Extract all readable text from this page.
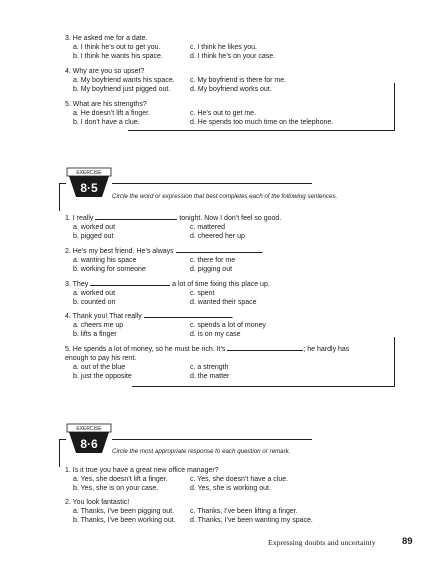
3. He asked me for a date.
a. I think he’s out to get you.	c. I think he likes you.
b. I think he wants his space.	d. I think he’s on your case.
4. Why are you so upset?
a. My boyfriend wants his space.	c. My boyfriend is there for me.
b. My boyfriend just pigged out.	d. My boyfriend works out.
5. What are his strengths?
a. He doesn’t lift a finger.	c. He’s out to get me.
b. I don’t have a clue.	d. He spends too much time on the telephone.
EXERCISE
8·5
Circle the word or expression that best completes each of the following sentences.
1. I really	tonight. Now I don’t feel so good.
a. worked out	c. mattered
b. pigged out	d. cheered her up
2. He’s my best friend. He’s always	.
a. wanting his space	c. there for me
b. working for someone	d. pigging out
3. They	a lot of time fixing this place up.
a. worked out	c. spent
b. counted on	d. wanted their space
4. Thank you! That really	.
a. cheers me up	c. spends a lot of money
b. lifts a finger	d. is on my case
5. He spends a lot of money, so he must be rich. It’s	; he hardly has
enough to pay his rent.
a. out of the blue	c. a strength
b. just the opposite	d. the matter
EXERCISE
8·6
Circle the most appropriate response to each question or remark.
1. Is it true you have a great new office manager?
a. Yes, she doesn’t lift a finger.	c. Yes, she doesn’t have a clue.
b. Yes, she is on your case.	d. Yes, she is working out.
2. You look fantastic!
a. Thanks, I’ve been pigging out.	c. Thanks, I’ve been lifting a finger.
b. Thanks, I’ve been working out.	d. Thanks, I’ve been wanting my space.
Expressing doubts and uncertainty	89
